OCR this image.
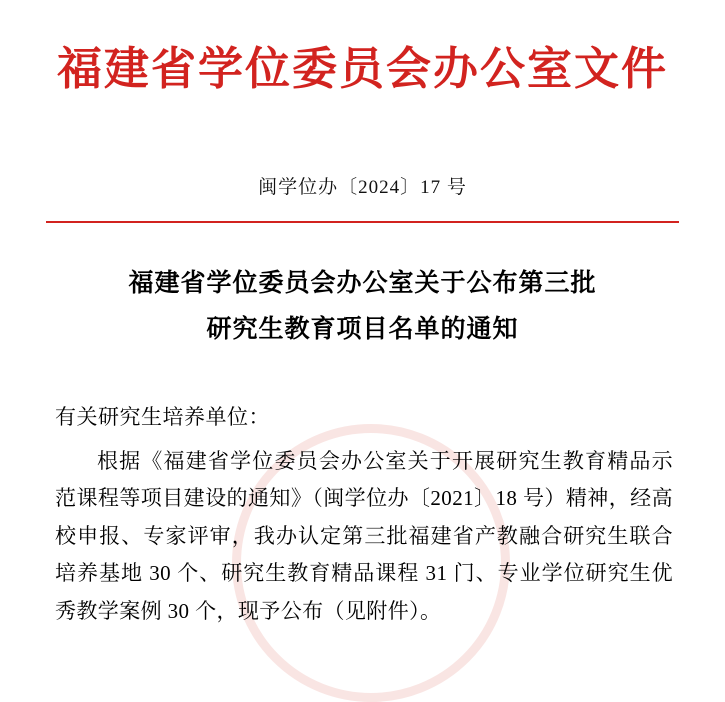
福建省学位委员会办公室文件
闽学位办〔2024〕17 号
福建省学位委员会办公室关于公布第三批
研究生教育项目名单的通知
有关研究生培养单位：

根据《福建省学位委员会办公室关于开展研究生教育精品示范课程等项目建设的通知》（闽学位办〔2021〕18 号）精神，经高校申报、专家评审，我办认定第三批福建省产教融合研究生联合培养基地 30 个、研究生教育精品课程 31 门、专业学位研究生优秀教学案例 30 个，现予公布（见附件）。
